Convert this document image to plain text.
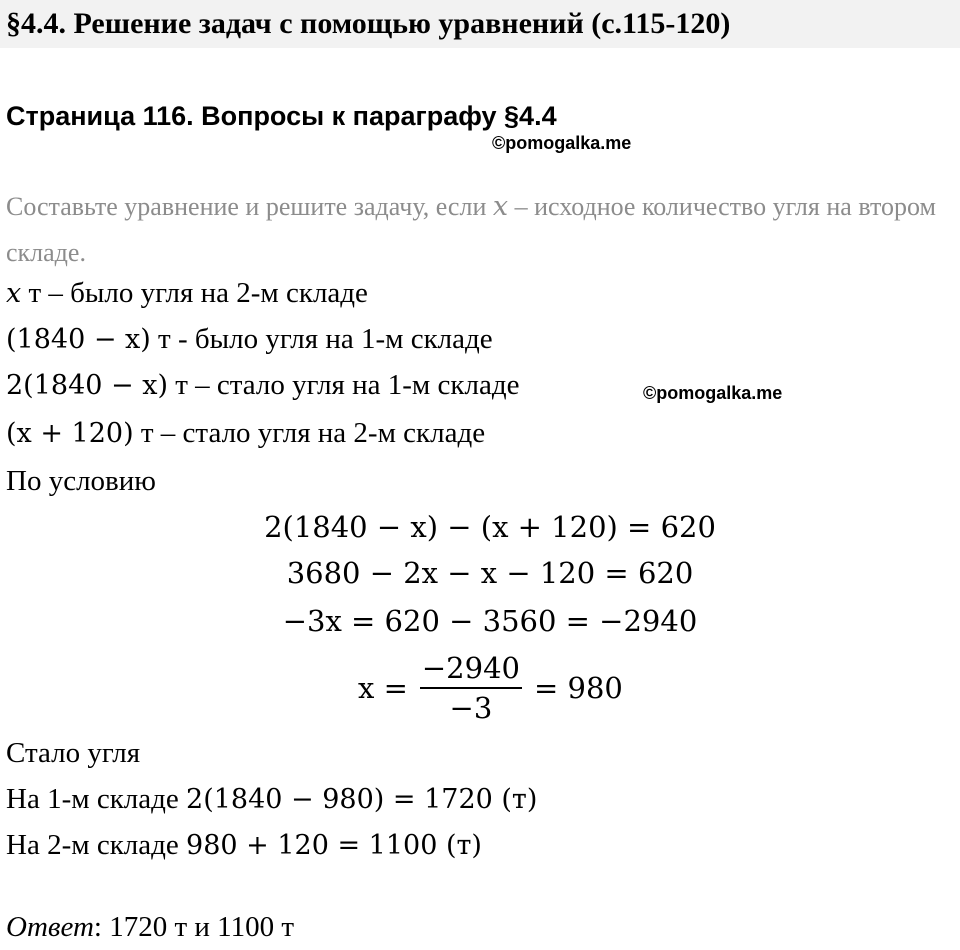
§4.4. Решение задач с помощью уравнений (с.115-120)
Страница 116. Вопросы к параграфу §4.4
©pomogalka.me
Составьте уравнение и решите задачу, если x – исходное количество угля на втором складе.
x т – было угля на 2-м складе
(1840 − x) т - было угля на 1-м складе
2(1840 − x) т – стало угля на 1-м складе	©pomogalka.me
(x + 120) т – стало угля на 2-м складе
По условию
2(1840 − x) − (x + 120) = 620
3680 − 2x − x − 120 = 620
−3x = 620 − 3560 = −2940
$x = \frac{-2940}{-3} = 980$
Стало угля
На 1-м складе 2(1840 − 980) = 1720 (т)
На 2-м складе 980 + 120 = 1100 (т)
Ответ: 1720 т и 1100 т
